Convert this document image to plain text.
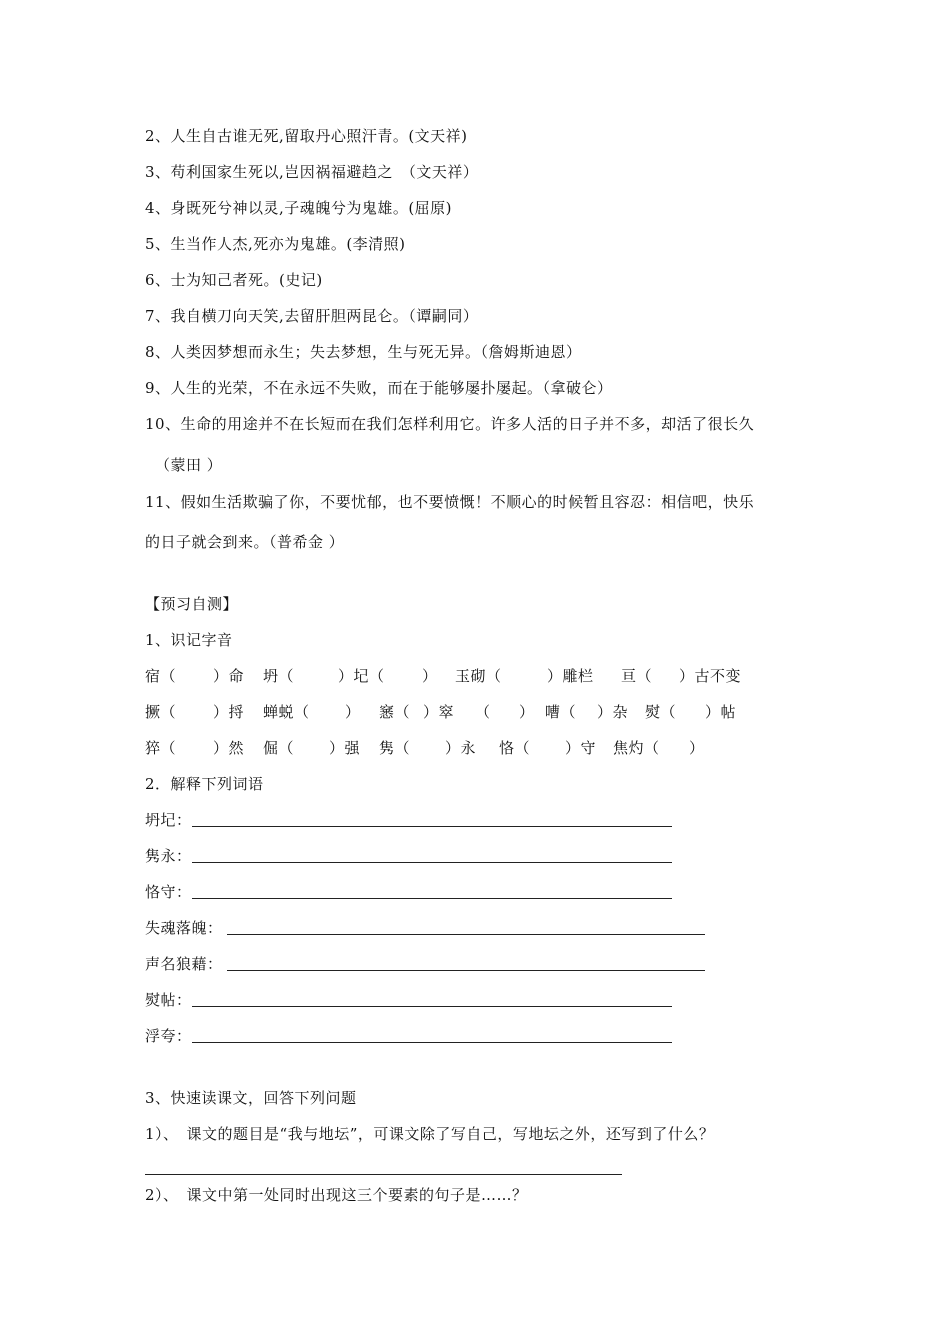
2、人生自古谁无死,留取丹心照汗青。(文天祥)
3、苟利国家生死以,岂因祸福避趋之　（文天祥）
4、身既死兮神以灵,子魂魄兮为鬼雄。(屈原)
5、生当作人杰,死亦为鬼雄。(李清照)
6、士为知己者死。(史记)
7、我自横刀向天笑,去留肝胆两昆仑。（谭嗣同）
8、人类因梦想而永生；失去梦想，生与死无异。（詹姆斯迪恩）
9、人生的光荣，不在永远不失败，而在于能够屡扑屡起。（拿破仑）
10、生命的用途并不在长短而在我们怎样利用它。许多人活的日子并不多，却活了很长久
（蒙田 ）
11、假如生活欺骗了你，不要忧郁，也不要愤慨！不顺心的时候暂且容忍：相信吧，快乐
的日子就会到来。（普希金 ）
【预习自测】
1、识记字音
宿（ ）命 坍（	）圮（ ） 玉砌（	）雕栏 亘（ ）古不变
撅（ ）捋 蝉蜕（ ） 窸（ ）窣 （ ） 嘈（ ）杂 熨（ ）帖
猝（ ）然 倔（ ）强 隽（ ）永 恪（ ）守 焦灼（ ）
2．解释下列词语
坍圮：
隽永：
恪守：
失魂落魄：
声名狼藉：
熨帖：
浮夸：
3、快速读课文，回答下列问题
1）、　课文的题目是“我与地坛”，可课文除了写自己，写地坛之外，还写到了什么？
2）、　课文中第一处同时出现这三个要素的句子是……？
